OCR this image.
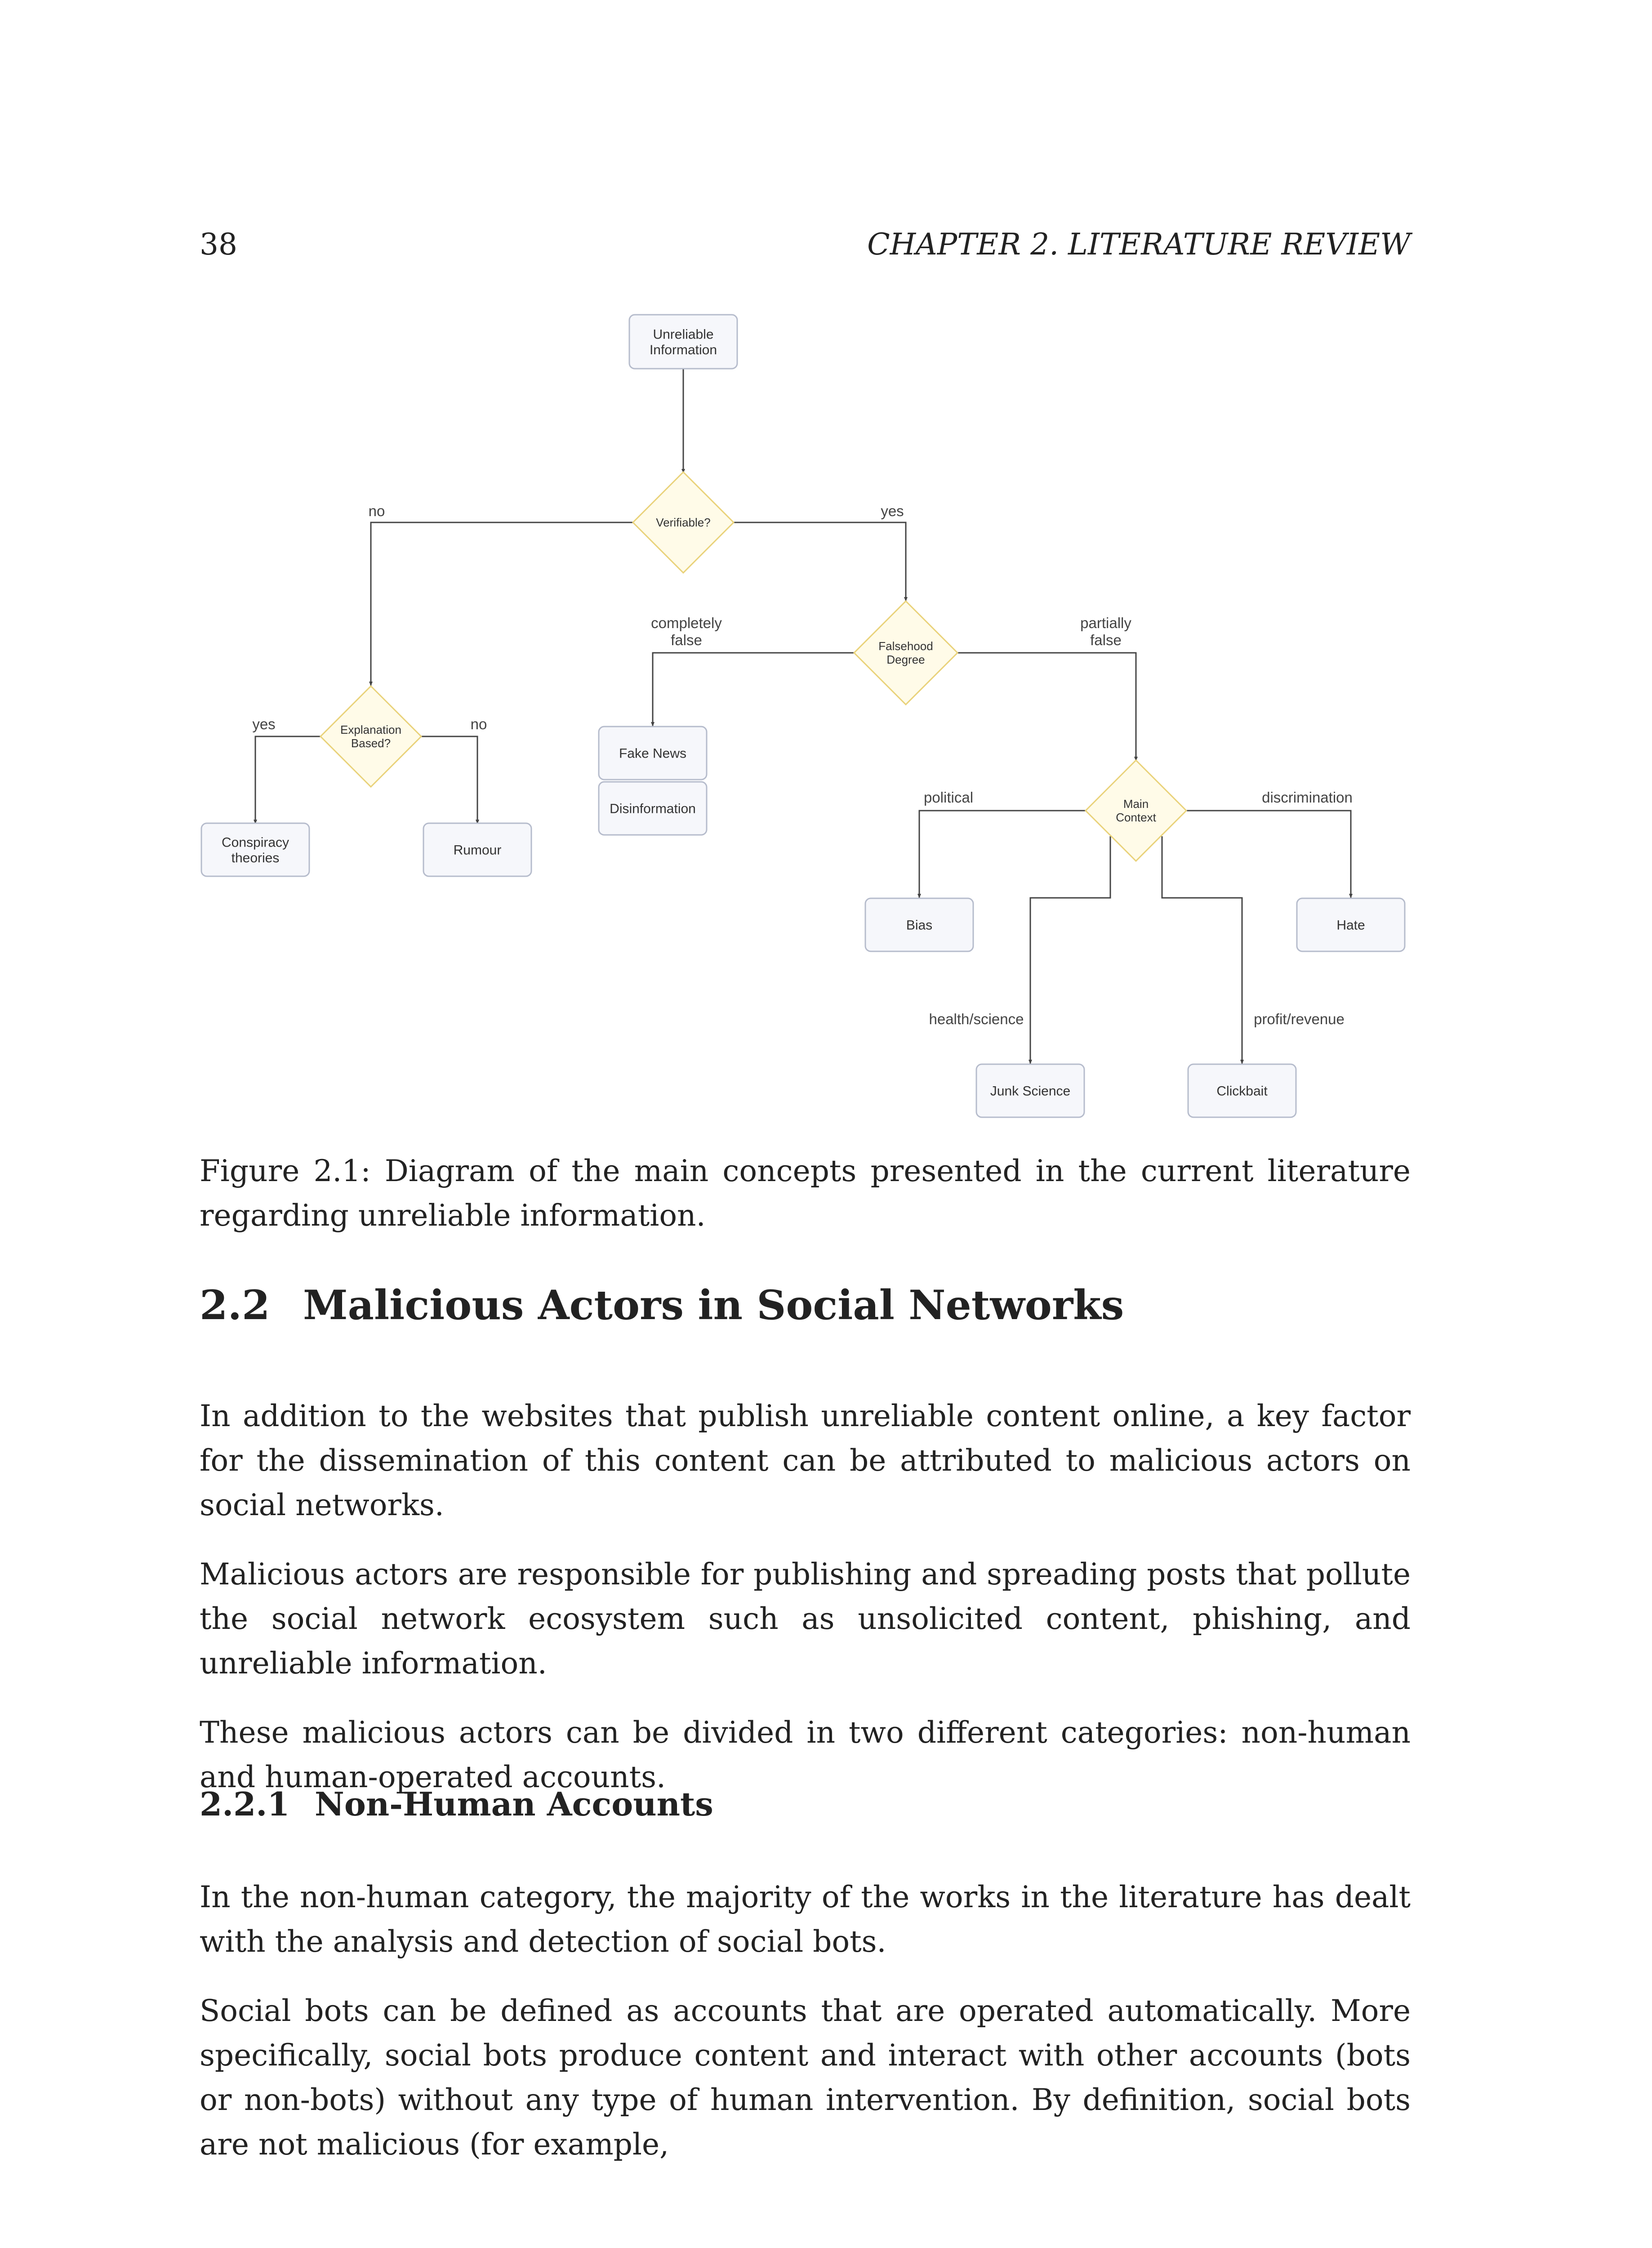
38	CHAPTER 2. LITERATURE REVIEW
Unreliable
Information
Conspiracy
theories
Rumour
Fake News
Disinformation
Bias	Hate
Junk Science	Clickbait
Verifiable?
Explanation
Based?
Falsehood
Degree
Main
Context
no	yes
yes	no
political	discrimination
health/science	profit/revenue
completely
false
partially
false

Figure 2.1: Diagram of the main concepts presented in the current literature regarding unreliable information.

2.2 Malicious Actors in Social Networks

In addition to the websites that publish unreliable content online, a key factor for the dissemination of this content can be attributed to malicious actors on social networks.

Malicious actors are responsible for publishing and spreading posts that pollute the social network ecosystem such as unsolicited content, phishing, and unreliable information.

These malicious actors can be divided in two different categories: non-human and human-operated accounts.

2.2.1 Non-Human Accounts

In the non-human category, the majority of the works in the literature has dealt with the analysis and detection of social bots.

Social bots can be defined as accounts that are operated automatically. More specifically, social bots produce content and interact with other accounts (bots or non-bots) without any type of human intervention. By definition, social bots are not malicious (for example,
